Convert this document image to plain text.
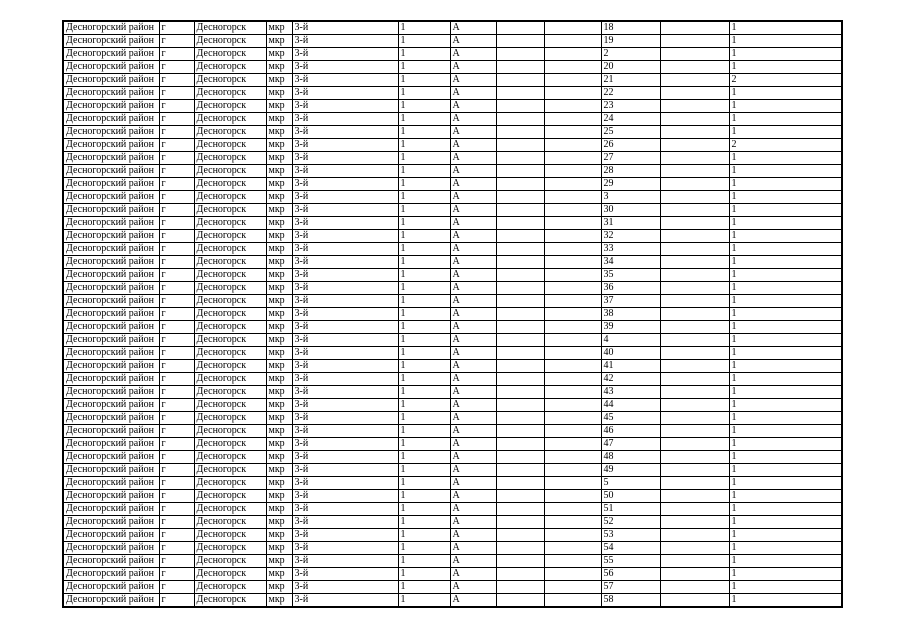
Десногорский район	г	Десногорск	мкр	3-й	1	А			18		1
Десногорский район	г	Десногорск	мкр	3-й	1	А			19		1
Десногорский район	г	Десногорск	мкр	3-й	1	А			2		1
Десногорский район	г	Десногорск	мкр	3-й	1	А			20		1
Десногорский район	г	Десногорск	мкр	3-й	1	А			21		2
Десногорский район	г	Десногорск	мкр	3-й	1	А			22		1
Десногорский район	г	Десногорск	мкр	3-й	1	А			23		1
Десногорский район	г	Десногорск	мкр	3-й	1	А			24		1
Десногорский район	г	Десногорск	мкр	3-й	1	А			25		1
Десногорский район	г	Десногорск	мкр	3-й	1	А			26		2
Десногорский район	г	Десногорск	мкр	3-й	1	А			27		1
Десногорский район	г	Десногорск	мкр	3-й	1	А			28		1
Десногорский район	г	Десногорск	мкр	3-й	1	А			29		1
Десногорский район	г	Десногорск	мкр	3-й	1	А			3		1
Десногорский район	г	Десногорск	мкр	3-й	1	А			30		1
Десногорский район	г	Десногорск	мкр	3-й	1	А			31		1
Десногорский район	г	Десногорск	мкр	3-й	1	А			32		1
Десногорский район	г	Десногорск	мкр	3-й	1	А			33		1
Десногорский район	г	Десногорск	мкр	3-й	1	А			34		1
Десногорский район	г	Десногорск	мкр	3-й	1	А			35		1
Десногорский район	г	Десногорск	мкр	3-й	1	А			36		1
Десногорский район	г	Десногорск	мкр	3-й	1	А			37		1
Десногорский район	г	Десногорск	мкр	3-й	1	А			38		1
Десногорский район	г	Десногорск	мкр	3-й	1	А			39		1
Десногорский район	г	Десногорск	мкр	3-й	1	А			4		1
Десногорский район	г	Десногорск	мкр	3-й	1	А			40		1
Десногорский район	г	Десногорск	мкр	3-й	1	А			41		1
Десногорский район	г	Десногорск	мкр	3-й	1	А			42		1
Десногорский район	г	Десногорск	мкр	3-й	1	А			43		1
Десногорский район	г	Десногорск	мкр	3-й	1	А			44		1
Десногорский район	г	Десногорск	мкр	3-й	1	А			45		1
Десногорский район	г	Десногорск	мкр	3-й	1	А			46		1
Десногорский район	г	Десногорск	мкр	3-й	1	А			47		1
Десногорский район	г	Десногорск	мкр	3-й	1	А			48		1
Десногорский район	г	Десногорск	мкр	3-й	1	А			49		1
Десногорский район	г	Десногорск	мкр	3-й	1	А			5		1
Десногорский район	г	Десногорск	мкр	3-й	1	А			50		1
Десногорский район	г	Десногорск	мкр	3-й	1	А			51		1
Десногорский район	г	Десногорск	мкр	3-й	1	А			52		1
Десногорский район	г	Десногорск	мкр	3-й	1	А			53		1
Десногорский район	г	Десногорск	мкр	3-й	1	А			54		1
Десногорский район	г	Десногорск	мкр	3-й	1	А			55		1
Десногорский район	г	Десногорск	мкр	3-й	1	А			56		1
Десногорский район	г	Десногорск	мкр	3-й	1	А			57		1
Десногорский район	г	Десногорск	мкр	3-й	1	А			58		1
